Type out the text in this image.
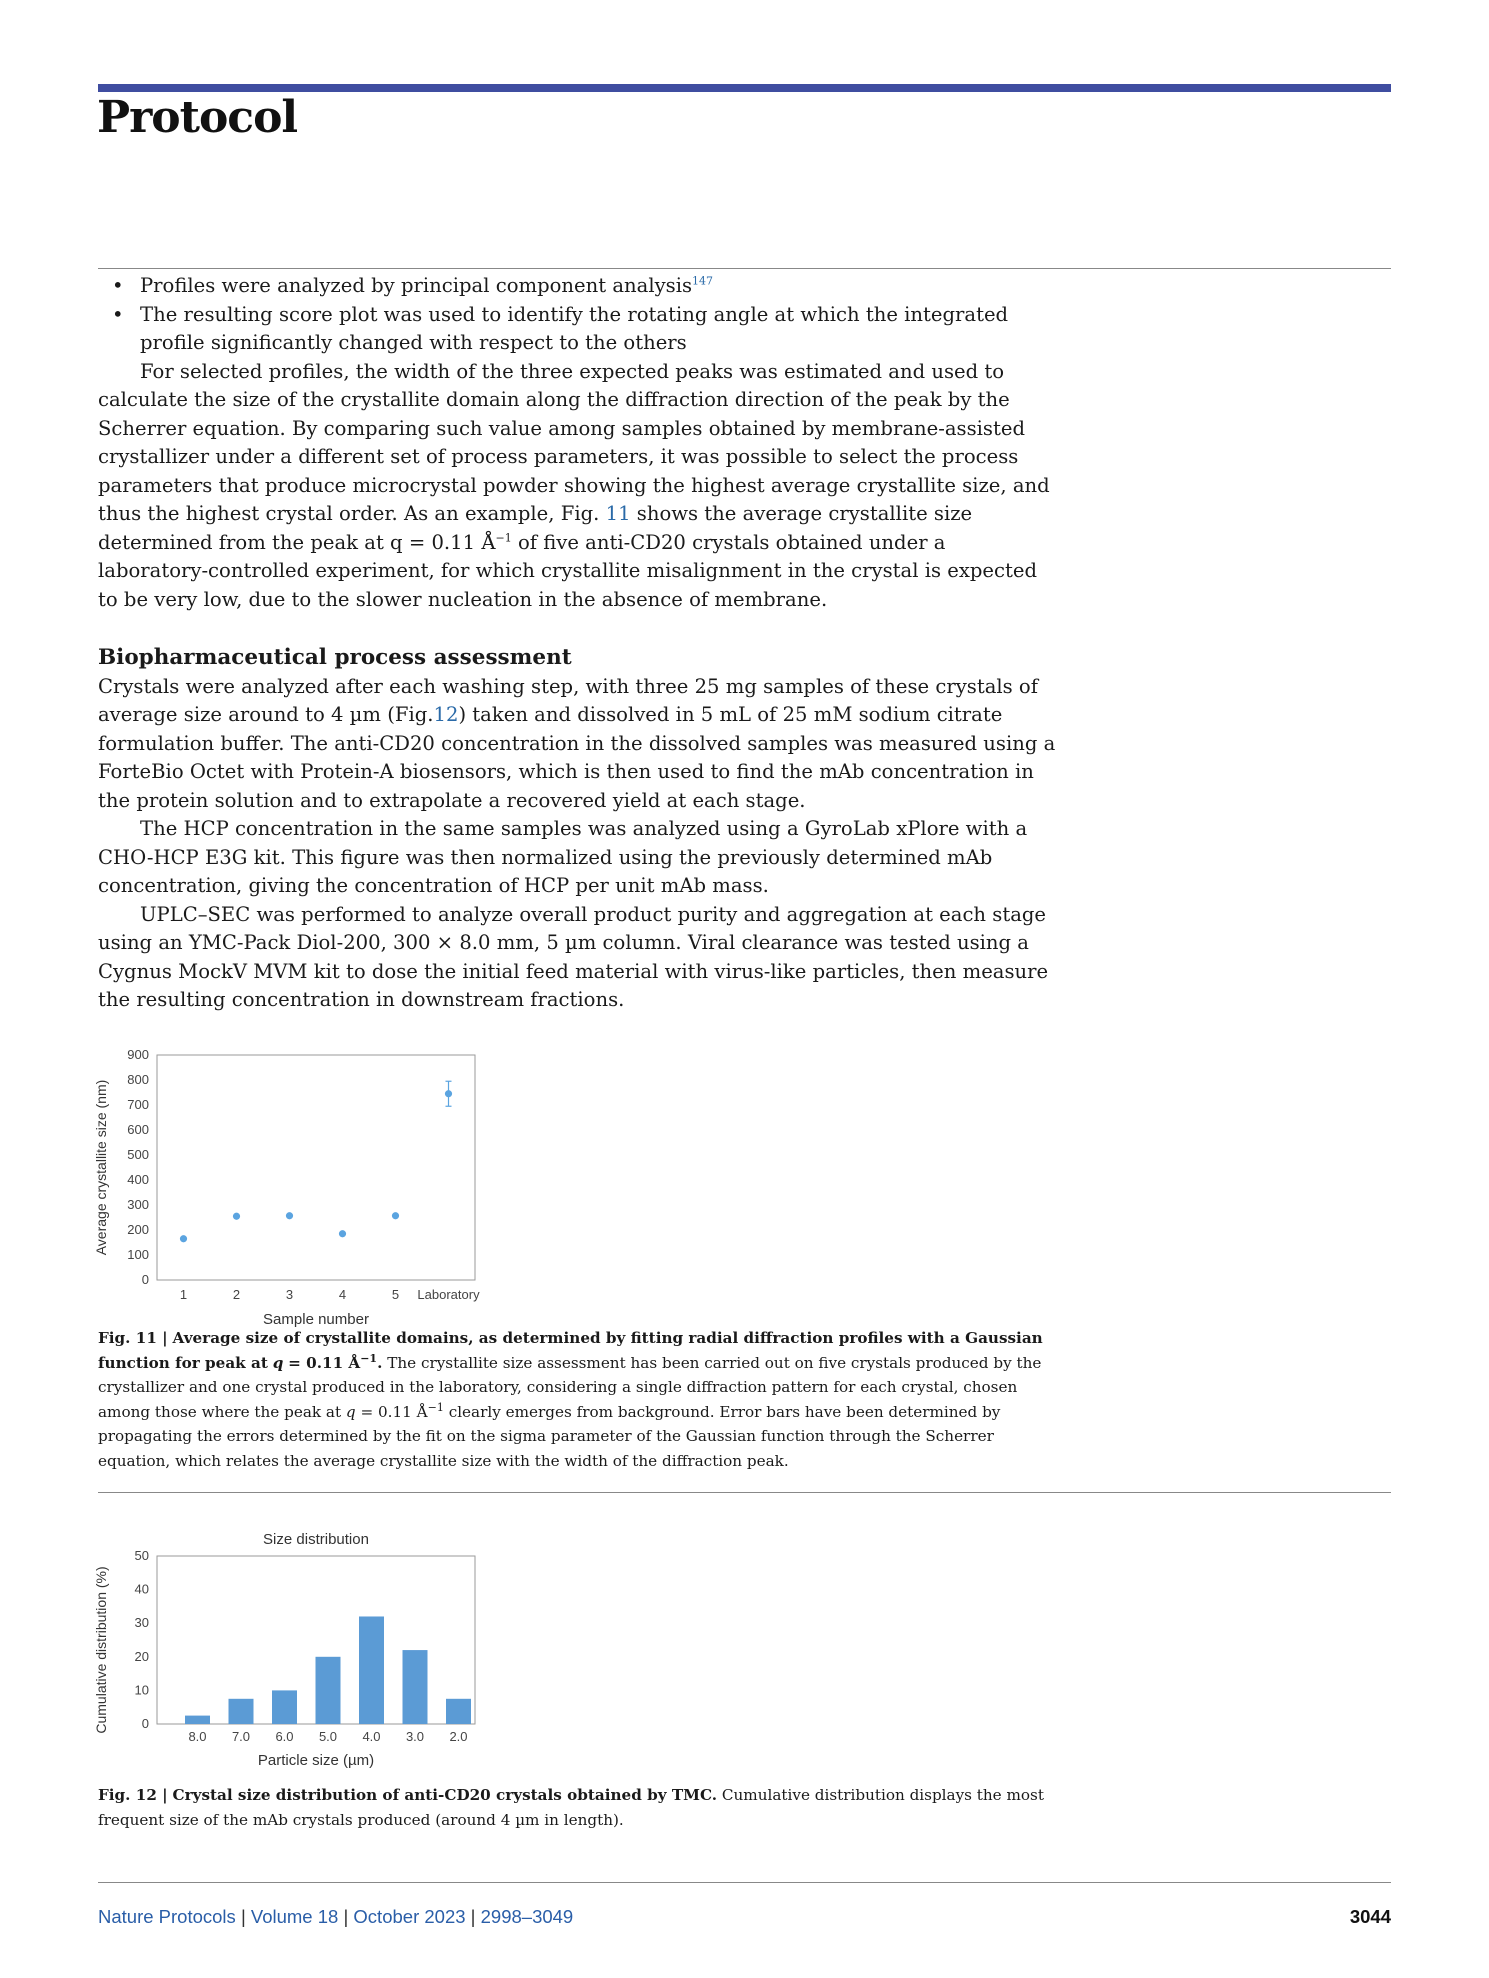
Protocol

• Profiles were analyzed by principal component analysis$^{147}$

• The resulting score plot was used to identify the rotating angle at which the integrated profile significantly changed with respect to the others

For selected profiles, the width of the three expected peaks was estimated and used to calculate the size of the crystallite domain along the diffraction direction of the peak by the Scherrer equation. By comparing such value among samples obtained by membrane-assisted crystallizer under a different set of process parameters, it was possible to select the process parameters that produce microcrystal powder showing the highest average crystallite size, and thus the highest crystal order. As an example, Fig. 11 shows the average crystallite size determined from the peak at q = 0.11 $Å^{-1}$ of five anti-CD20 crystals obtained under a laboratory-controlled experiment, for which crystallite misalignment in the crystal is expected to be very low, due to the slower nucleation in the absence of membrane.

Biopharmaceutical process assessment

Crystals were analyzed after each washing step, with three 25 mg samples of these crystals of average size around to 4 µm (Fig.12) taken and dissolved in 5 mL of 25 mM sodium citrate formulation buffer. The anti-CD20 concentration in the dissolved samples was measured using a ForteBio Octet with Protein-A biosensors, which is then used to find the mAb concentration in the protein solution and to extrapolate a recovered yield at each stage.

The HCP concentration in the same samples was analyzed using a GyroLab xPlore with a CHO-HCP E3G kit. This figure was then normalized using the previously determined mAb concentration, giving the concentration of HCP per unit mAb mass.

UPLC–SEC was performed to analyze overall product purity and aggregation at each stage using an YMC-Pack Diol-200, 300 × 8.0 mm, 5 µm column. Viral clearance was tested using a Cygnus MockV MVM kit to dose the initial feed material with virus-like particles, then measure the resulting concentration in downstream fractions.

0
100
200
300
400
500
600
700
800
900
1	2	3	4	5 Laboratory
Sample number
Average crystallite size (nm)
Fig. 11 | Average size of crystallite domains, as determined by fitting radial diffraction profiles with a Gaussian function for peak at q = 0.11 $Å^{-1}$. The crystallite size assessment has been carried out on five crystals produced by the crystallizer and one crystal produced in the laboratory, considering a single diffraction pattern for each crystal, chosen among those where the peak at q = 0.11 $Å^{-1}$ clearly emerges from background. Error bars have been determined by propagating the errors determined by the fit on the sigma parameter of the Gaussian function through the Scherrer equation, which relates the average crystallite size with the width of the diffraction peak.
Size distribution
0
10
20
30
40
50
8.0 7.0 6.0 5.0 4.0 3.0 2.0
Particle size (µm)
Cumulative distribution (%)
Fig. 12 | Crystal size distribution of anti-CD20 crystals obtained by TMC. Cumulative distribution displays the most frequent size of the mAb crystals produced (around 4 µm in length).
Nature Protocols | Volume 18 | October 2023 | 2998–3049	3044
